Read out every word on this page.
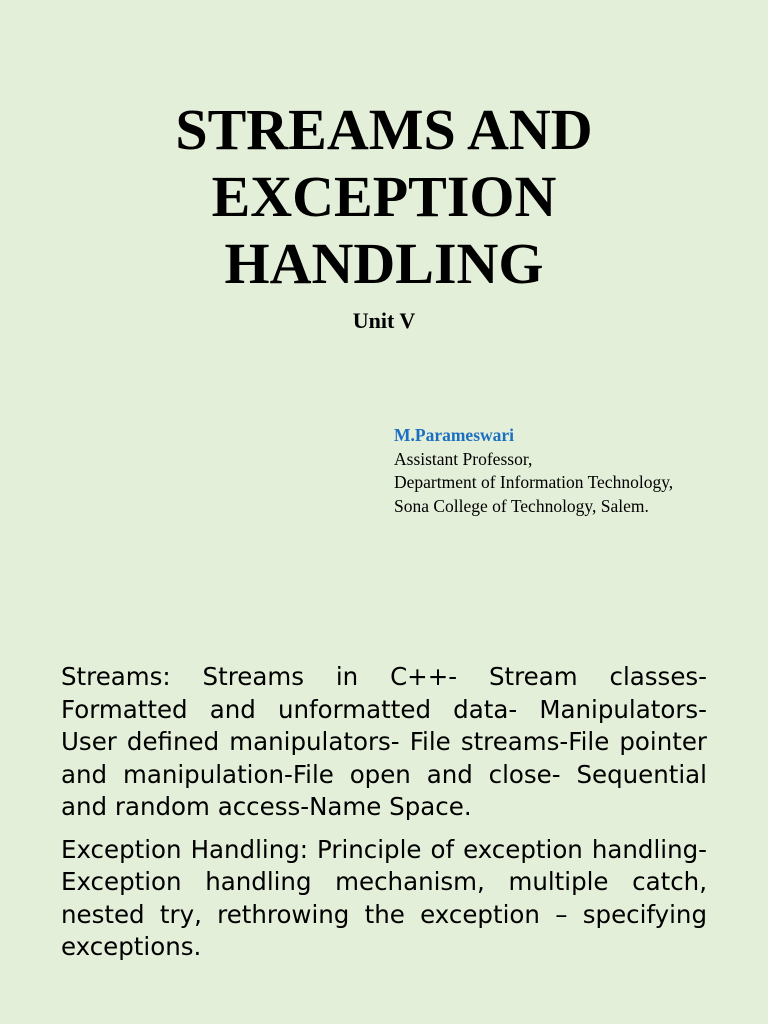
STREAMS AND
EXCEPTION
HANDLING
Unit V
M.Parameswari
Assistant Professor,
Department of Information Technology,
Sona College of Technology, Salem.

Streams: Streams in C++- Stream classes- Formatted and unformatted data- Manipulators- User defined manipulators- File streams-File pointer and manipulation-File open and close- Sequential and random access-Name Space.

Exception Handling: Principle of exception handling- Exception handling mechanism, multiple catch, nested try, rethrowing the exception – specifying exceptions.
